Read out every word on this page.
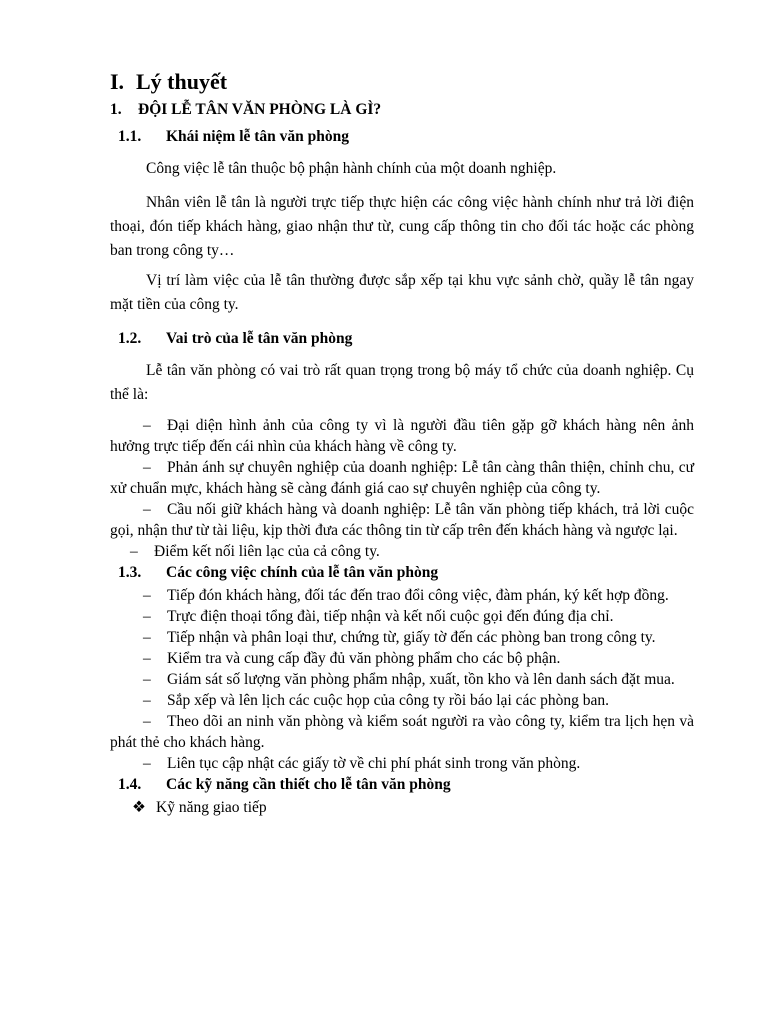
I. Lý thuyết
1. ĐỘI LỄ TÂN VĂN PHÒNG LÀ GÌ?
1.1. Khái niệm lễ tân văn phòng
Công việc lễ tân thuộc bộ phận hành chính của một doanh nghiệp.
Nhân viên lễ tân là người trực tiếp thực hiện các công việc hành chính như trả lời điện thoại, đón tiếp khách hàng, giao nhận thư từ, cung cấp thông tin cho đối tác hoặc các phòng ban trong công ty…
Vị trí làm việc của lễ tân thường được sắp xếp tại khu vực sảnh chờ, quầy lễ tân ngay mặt tiền của công ty.
1.2. Vai trò của lễ tân văn phòng
Lễ tân văn phòng có vai trò rất quan trọng trong bộ máy tổ chức của doanh nghiệp. Cụ thể là:
– Đại diện hình ảnh của công ty vì là người đầu tiên gặp gỡ khách hàng nên ảnh hưởng trực tiếp đến cái nhìn của khách hàng về công ty.
– Phản ánh sự chuyên nghiệp của doanh nghiệp: Lễ tân càng thân thiện, chỉnh chu, cư xử chuẩn mực, khách hàng sẽ càng đánh giá cao sự chuyên nghiệp của công ty.
– Cầu nối giữ khách hàng và doanh nghiệp: Lễ tân văn phòng tiếp khách, trả lời cuộc gọi, nhận thư từ tài liệu, kịp thời đưa các thông tin từ cấp trên đến khách hàng và ngược lại.
– Điểm kết nối liên lạc của cả công ty.
1.3. Các công việc chính của lễ tân văn phòng
– Tiếp đón khách hàng, đối tác đến trao đổi công việc, đàm phán, ký kết hợp đồng.
– Trực điện thoại tổng đài, tiếp nhận và kết nối cuộc gọi đến đúng địa chỉ.
– Tiếp nhận và phân loại thư, chứng từ, giấy tờ đến các phòng ban trong công ty.
– Kiểm tra và cung cấp đầy đủ văn phòng phẩm cho các bộ phận.
– Giám sát số lượng văn phòng phẩm nhập, xuất, tồn kho và lên danh sách đặt mua.
– Sắp xếp và lên lịch các cuộc họp của công ty rồi báo lại các phòng ban.
– Theo dõi an ninh văn phòng và kiểm soát người ra vào công ty, kiểm tra lịch hẹn và phát thẻ cho khách hàng.
– Liên tục cập nhật các giấy tờ về chi phí phát sinh trong văn phòng.
1.4. Các kỹ năng cần thiết cho lễ tân văn phòng
❖ Kỹ năng giao tiếp
